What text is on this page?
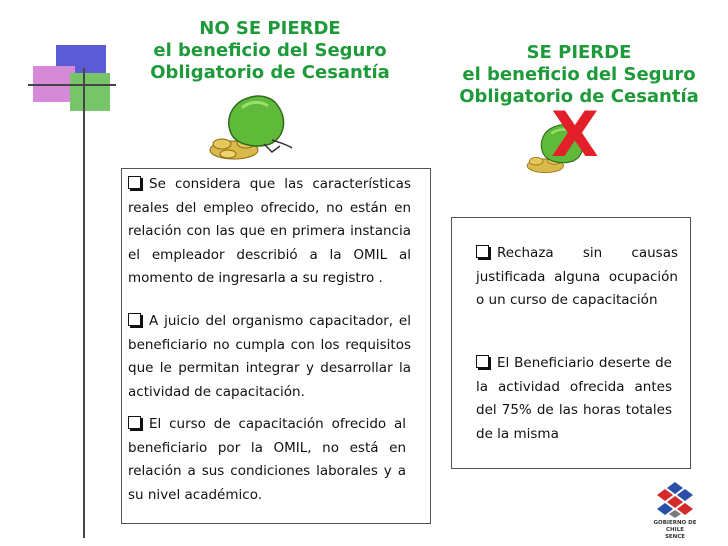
NO SE PIERDE
el beneficio del Seguro
Obligatorio de Cesantía
SE PIERDE
el beneficio del Seguro
Obligatorio de Cesantía
X
Se considera que las características reales del empleo ofrecido, no están en relación con las que en primera instancia el empleador describió a la OMIL al momento de ingresarla a su registro .
A juicio del organismo capacitador, el beneficiario no cumpla con los requisitos que le permitan integrar y desarrollar la actividad de capacitación.
El curso de capacitación ofrecido al beneficiario por la OMIL, no está en relación a sus condiciones laborales y a su nivel académico.
Rechaza sin causas justificada alguna ocupación o un curso de capacitación
El Beneficiario deserte de la actividad ofrecida antes del 75% de las horas totales de la misma
GOBIERNO DE CHILE
SENCE
